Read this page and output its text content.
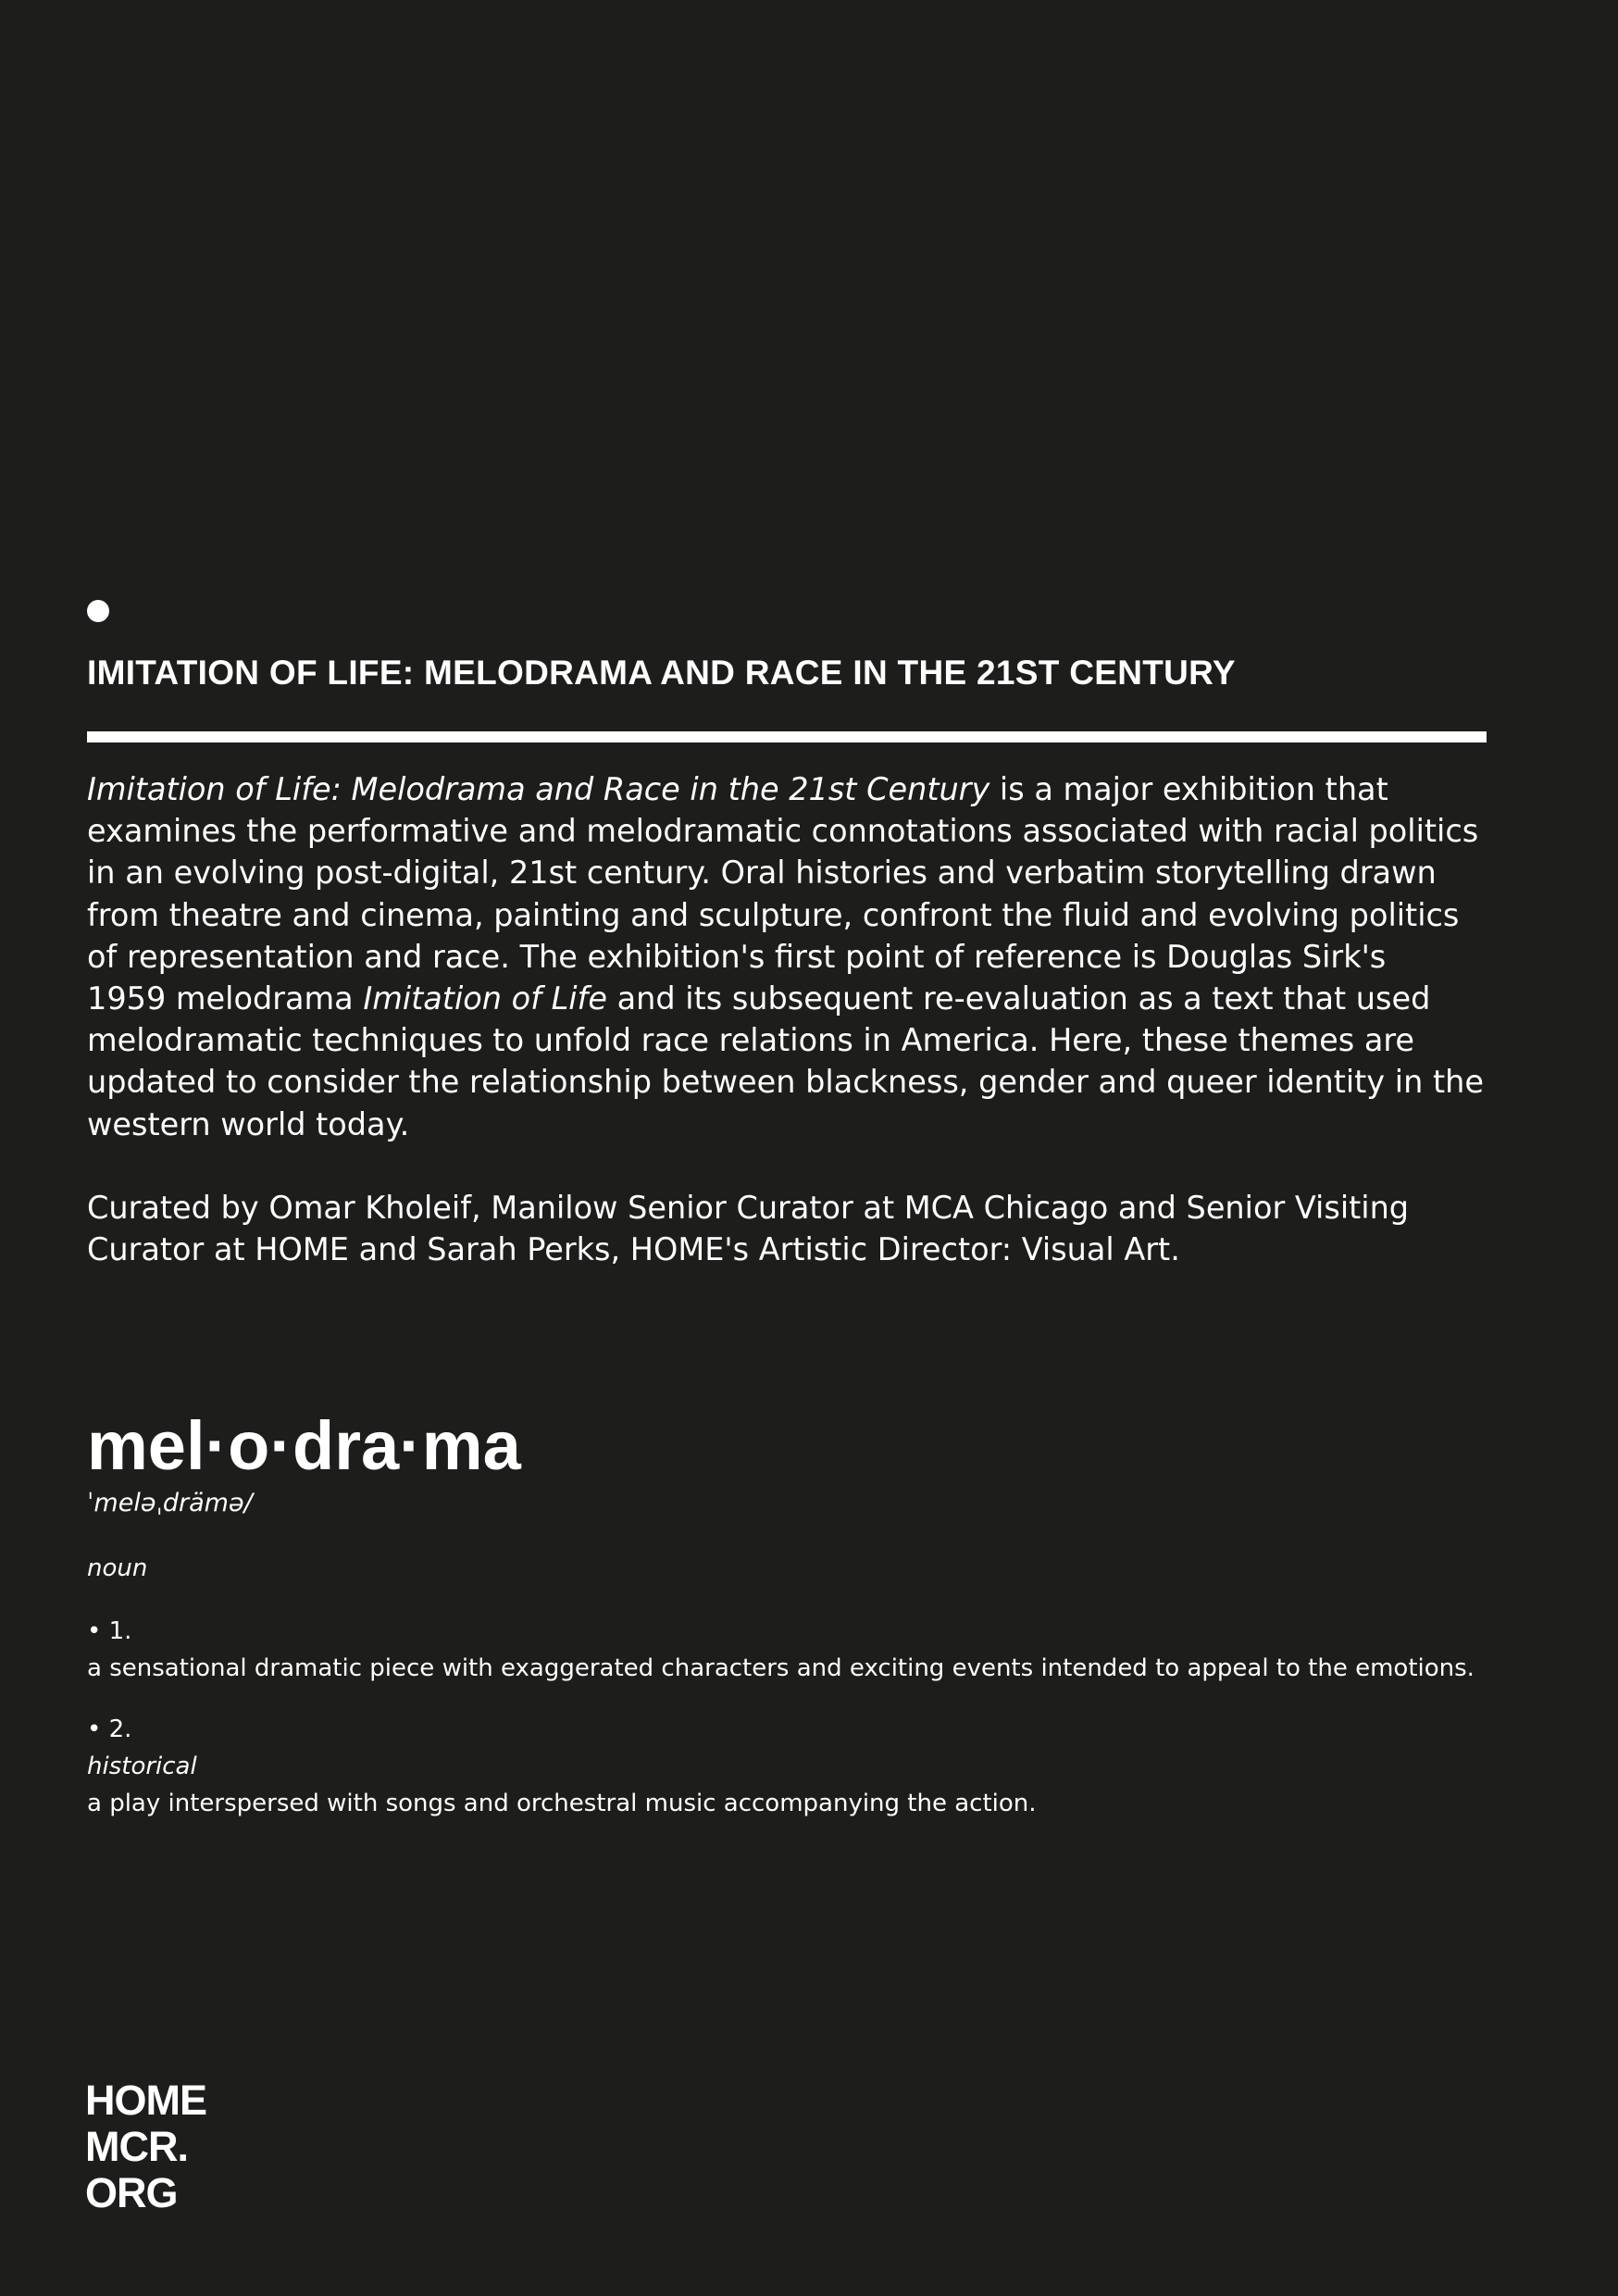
IMITATION OF LIFE: MELODRAMA AND RACE IN THE 21ST CENTURY
Imitation of Life: Melodrama and Race in the 21st Century is a major exhibition that
examines the performative and melodramatic connotations associated with racial politics
in an evolving post-digital, 21st century. Oral histories and verbatim storytelling drawn
from theatre and cinema, painting and sculpture, confront the fluid and evolving politics
of representation and race. The exhibition's first point of reference is Douglas Sirk's
1959 melodrama Imitation of Life and its subsequent re-evaluation as a text that used
melodramatic techniques to unfold race relations in America. Here, these themes are
updated to consider the relationship between blackness, gender and queer identity in the
western world today.
Curated by Omar Kholeif, Manilow Senior Curator at MCA Chicago and Senior Visiting
Curator at HOME and Sarah Perks, HOME's Artistic Director: Visual Art.
mel·o·dra·ma
ˈmeləˌdrämə/
noun
• 1.
a sensational dramatic piece with exaggerated characters and exciting events intended to appeal to the emotions.
• 2.
historical
a play interspersed with songs and orchestral music accompanying the action.
HOME
MCR.
ORG
